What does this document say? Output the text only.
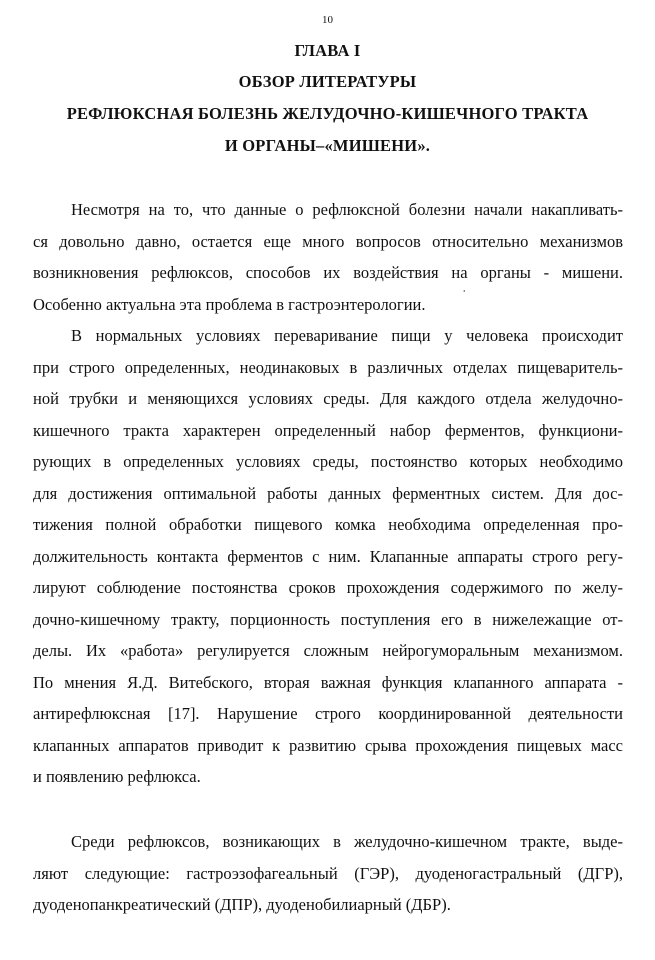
10
ГЛАВА I
ОБЗОР ЛИТЕРАТУРЫ
РЕФЛЮКСНАЯ БОЛЕЗНЬ ЖЕЛУДОЧНО-КИШЕЧНОГО ТРАКТА
И ОРГАНЫ–«МИШЕНИ».
Несмотря на то, что данные о рефлюксной болезни начали накапливать-
ся довольно давно, остается еще много вопросов относительно механизмов
возникновения рефлюксов, способов их воздействия на органы - мишени.
Особенно актуальна эта проблема в гастроэнтерологии.	ˈ
В нормальных условиях переваривание пищи у человека происходит
при строго определенных, неодинаковых в различных отделах пищеваритель-
ной трубки и меняющихся условиях среды. Для каждого отдела желудочно-
кишечного тракта характерен определенный набор ферментов, функциони-
рующих в определенных условиях среды, постоянство которых необходимо
для достижения оптимальной работы данных ферментных систем. Для дос-
тижения полной обработки пищевого комка необходима определенная про-
должительность контакта ферментов с ним. Клапанные аппараты строго регу-
лируют соблюдение постоянства сроков прохождения содержимого по желу-
дочно-кишечному тракту, порционность поступления его в нижележащие от-
делы. Их «работа» регулируется сложным нейрогуморальным механизмом.
По мнения Я.Д. Витебского, вторая важная функция клапанного аппарата -
антирефлюксная [17]. Нарушение строго координированной деятельности
клапанных аппаратов приводит к развитию срыва прохождения пищевых масс
и появлению рефлюкса.
Среди рефлюксов, возникающих в желудочно-кишечном тракте, выде-
ляют следующие: гастроэзофагеальный (ГЭР), дуоденогастральный (ДГР),
дуоденопанкреатический (ДПР), дуоденобилиарный (ДБР).
